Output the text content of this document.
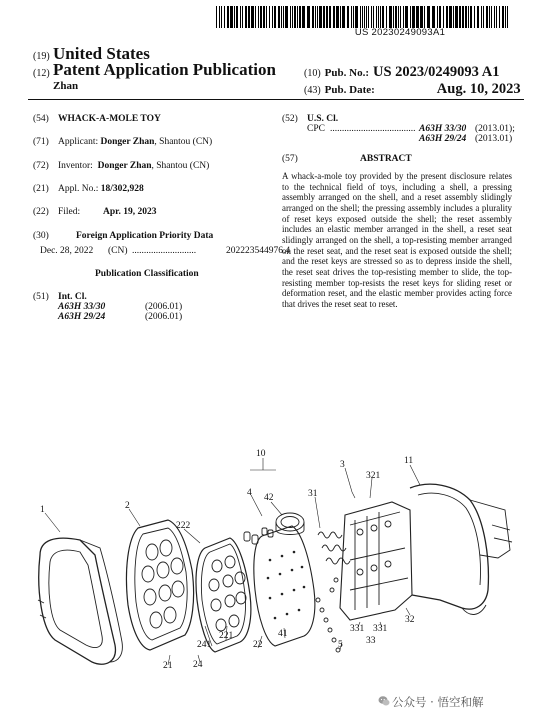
US 20230249093A1
(19) United States
(12) Patent Application Publication
Zhan
(10) Pub. No.: US 2023/0249093 A1
(43) Pub. Date:	Aug. 10, 2023
(54) WHACK-A-MOLE TOY
(71) Applicant: Donger Zhan, Shantou (CN)
(72) Inventor: Donger Zhan, Shantou (CN)
(21) Appl. No.: 18/302,928
(22) Filed: Apr. 19, 2023
(30)	Foreign Application Priority Data
Dec. 28, 2022 (CN) ...........................	202223544976.4
Publication Classification
(51) Int. Cl.
A63H 33/30	(2006.01)
A63H 29/24	(2006.01)
(52) U.S. Cl.
CPC .................................... A63H 33/30 (2013.01);
A63H 29/24 (2013.01)
(57)	ABSTRACT
A whack-a-mole toy provided by the present disclosure relates to the technical field of toys, including a shell, a pressing assembly arranged on the shell, and a reset assembly slidingly arranged on the shell; the pressing assembly includes a plurality of reset keys exposed outside the shell; the reset assembly includes an elastic member arranged in the shell, a reset seat slidingly arranged on the shell, a top-resisting member arranged on the reset seat, and the reset seat is exposed outside the shell; and the reset keys are stressed so as to depress inside the shell, the reset seat drives the top-resisting member to slide, the top-resisting member top-resists the reset keys for sliding reset or deformation reset, and the elastic member provides acting force that drives the reset seat to reset.
10
1	2
222
4 42	31
3
321
11
241
221
22
41
5
331 331
33
32
21 24
公众号 · 悟空和解
